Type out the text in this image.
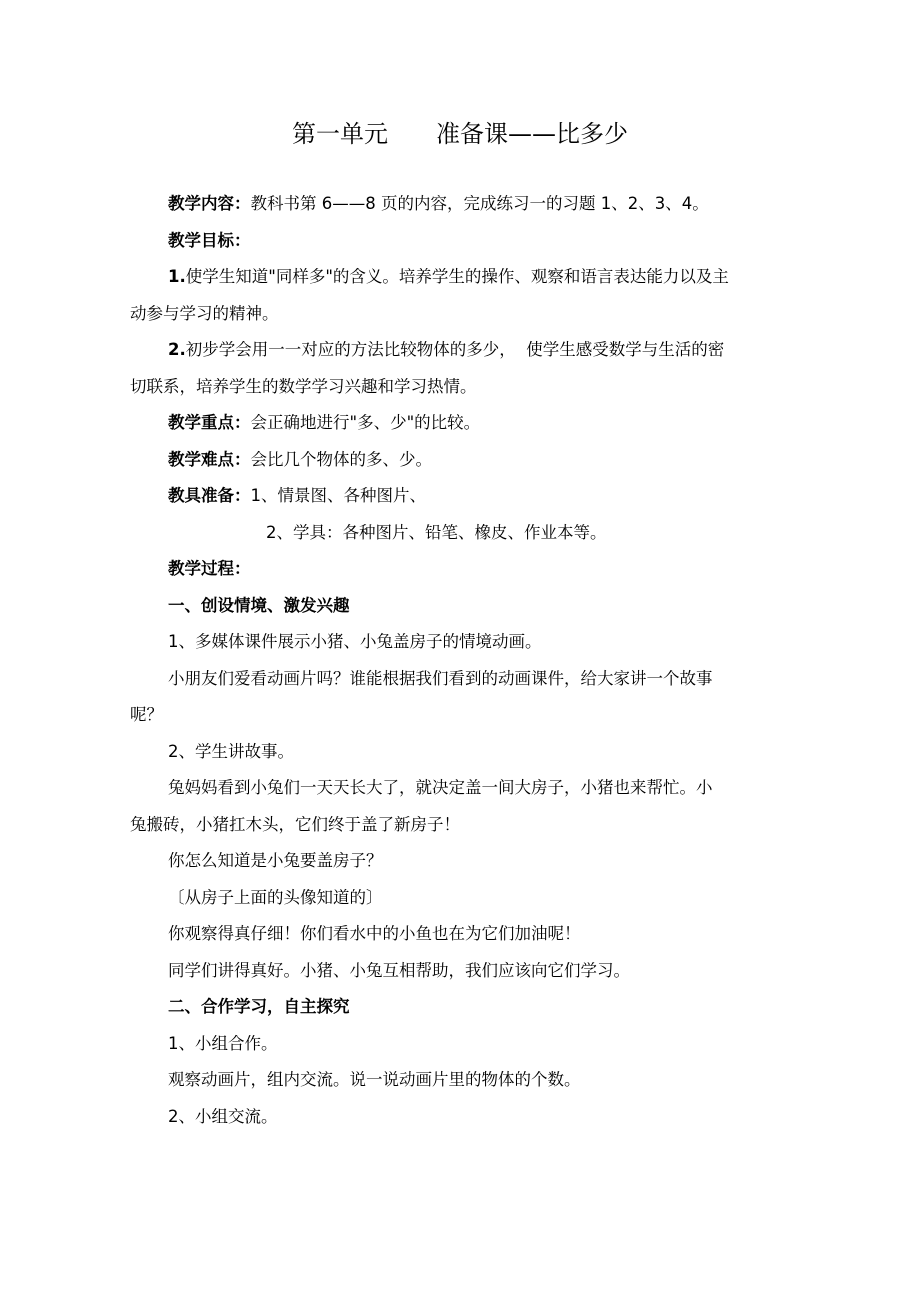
第一单元　　准备课——比多少

教学内容：教科书第 6——8 页的内容，完成练习一的习题 1、2、3、4。

教学目标：

1.使学生知道"同样多"的含义。培养学生的操作、观察和语言表达能力以及主

动参与学习的精神。

2.初步学会用一一对应的方法比较物体的多少，  使学生感受数学与生活的密

切联系，培养学生的数学学习兴趣和学习热情。

教学重点：会正确地进行"多、少"的比较。

教学难点：会比几个物体的多、少。

教具准备：1、情景图、各种图片、

2、学具：各种图片、铅笔、橡皮、作业本等。

教学过程：

一、创设情境、激发兴趣

1、多媒体课件展示小猪、小兔盖房子的情境动画。

小朋友们爱看动画片吗？谁能根据我们看到的动画课件，给大家讲一个故事

呢？

2、学生讲故事。

兔妈妈看到小兔们一天天长大了，就决定盖一间大房子，小猪也来帮忙。小

兔搬砖，小猪扛木头，它们终于盖了新房子！

你怎么知道是小兔要盖房子？

〔从房子上面的头像知道的〕

你观察得真仔细！你们看水中的小鱼也在为它们加油呢！

同学们讲得真好。小猪、小兔互相帮助，我们应该向它们学习。

二、合作学习，自主探究

1、小组合作。

观察动画片，组内交流。说一说动画片里的物体的个数。

2、小组交流。
